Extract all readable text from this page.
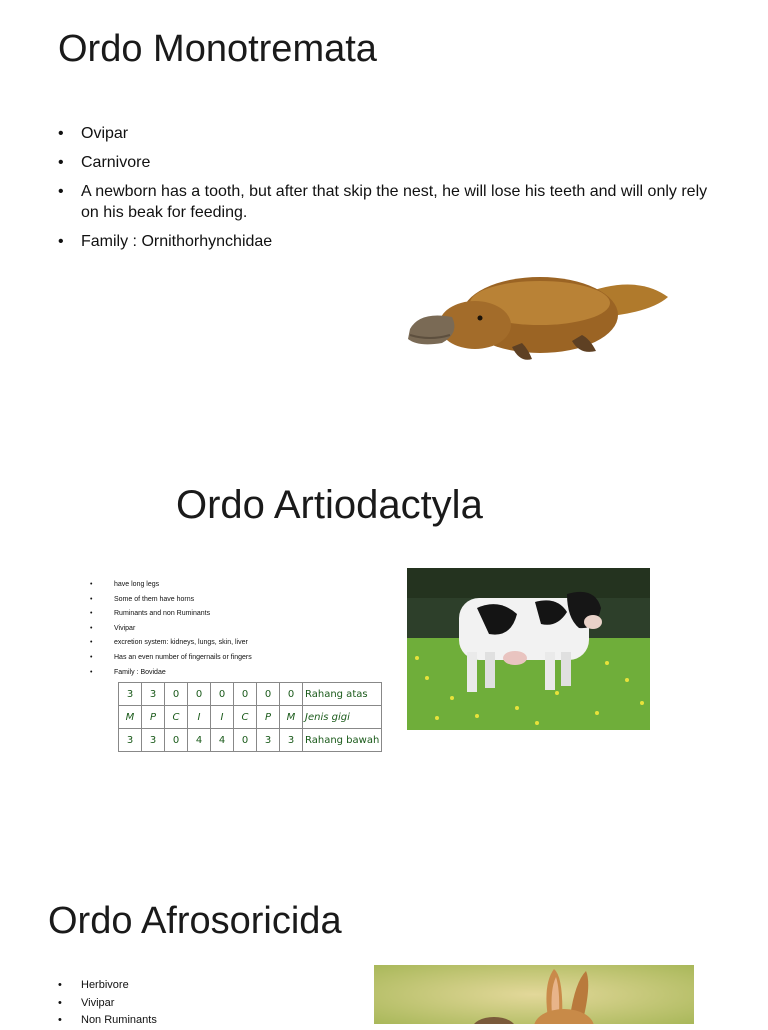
Ordo Monotremata
• Ovipar
• Carnivore
• A newborn has a tooth, but after that skip the nest, he will lose his teeth and will only rely on his beak for feeding.
• Family : Ornithorhynchidae
Ordo Artiodactyla
• have long legs
• Some of them have horns
• Ruminants and non Ruminants
• Vivipar
• excretion system: kidneys, lungs, skin, liver
• Has an even number of fingernails or fingers
• Family : Bovidae
3	3	0	0	0	0	0	0	Rahang atas
M	P	C	I	I	C	P	M	Jenis gigi
3	3	0	4	4	0	3	3	Rahang bawah
Ordo Afrosoricida
• Herbivore
• Vivipar
• Non Ruminants
